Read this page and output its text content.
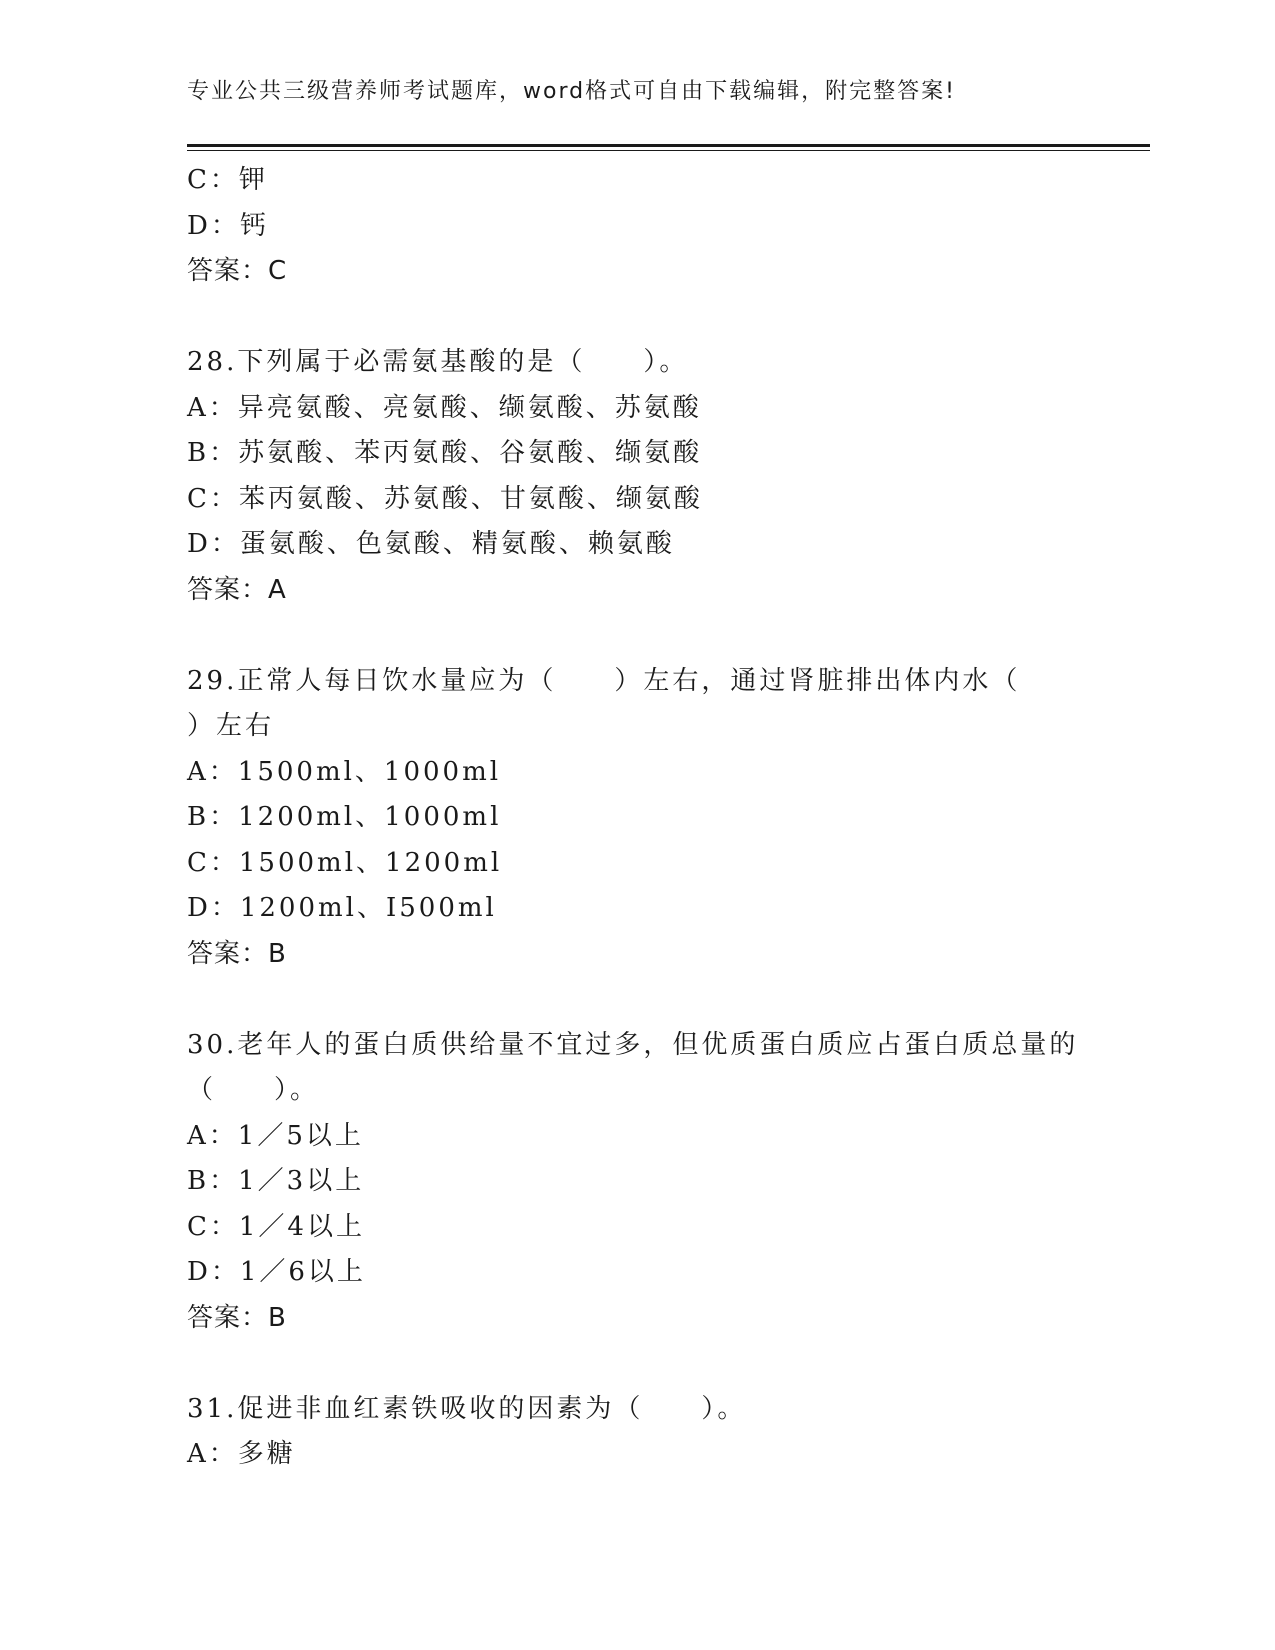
专业公共三级营养师考试题库，word格式可自由下载编辑，附完整答案!
C：钾
D：钙
答案：C
28.下列属于必需氨基酸的是（　　）。
A：异亮氨酸、亮氨酸、缬氨酸、苏氨酸
B：苏氨酸、苯丙氨酸、谷氨酸、缬氨酸
C：苯丙氨酸、苏氨酸、甘氨酸、缬氨酸
D：蛋氨酸、色氨酸、精氨酸、赖氨酸
答案：A
29.正常人每日饮水量应为（　　）左右，通过肾脏排出体内水（
）左右
A：1500ml、1000ml
B：1200ml、1000ml
C：1500ml、1200ml
D：1200ml、I500ml
答案：B
30.老年人的蛋白质供给量不宜过多，但优质蛋白质应占蛋白质总量的
（　　）。
A：1／5以上
B：1／3以上
C：1／4以上
D：1／6以上
答案：B
31.促进非血红素铁吸收的因素为（　　）。
A：多糖
